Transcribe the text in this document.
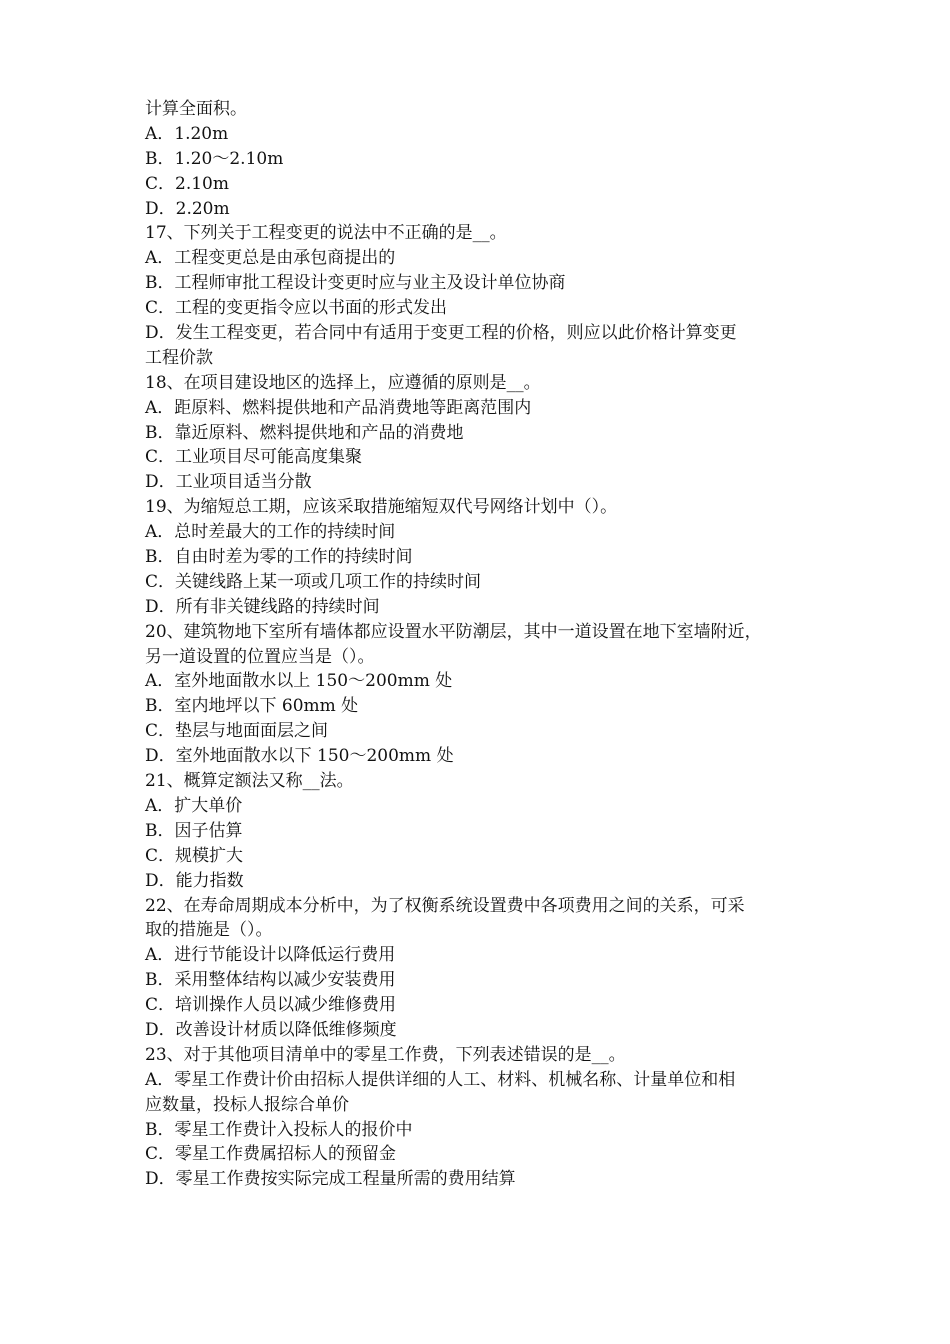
计算全面积。
A．1.20m
B．1.20～2.10m
C．2.10m
D．2.20m
17、下列关于工程变更的说法中不正确的是__。
A．工程变更总是由承包商提出的
B．工程师审批工程设计变更时应与业主及设计单位协商
C．工程的变更指令应以书面的形式发出
D．发生工程变更，若合同中有适用于变更工程的价格，则应以此价格计算变更
工程价款
18、在项目建设地区的选择上，应遵循的原则是__。
A．距原料、燃料提供地和产品消费地等距离范围内
B．靠近原料、燃料提供地和产品的消费地
C．工业项目尽可能高度集聚
D．工业项目适当分散
19、为缩短总工期，应该采取措施缩短双代号网络计划中（）。
A．总时差最大的工作的持续时间
B．自由时差为零的工作的持续时间
C．关键线路上某一项或几项工作的持续时间
D．所有非关键线路的持续时间
20、建筑物地下室所有墙体都应设置水平防潮层，其中一道设置在地下室墙附近，
另一道设置的位置应当是（）。
A．室外地面散水以上 150～200mm 处
B．室内地坪以下 60mm 处
C．垫层与地面面层之间
D．室外地面散水以下 150～200mm 处
21、概算定额法又称__法。
A．扩大单价
B．因子估算
C．规模扩大
D．能力指数
22、在寿命周期成本分析中，为了权衡系统设置费中各项费用之间的关系，可采
取的措施是（）。
A．进行节能设计以降低运行费用
B．采用整体结构以减少安装费用
C．培训操作人员以减少维修费用
D．改善设计材质以降低维修频度
23、对于其他项目清单中的零星工作费，下列表述错误的是__。
A．零星工作费计价由招标人提供详细的人工、材料、机械名称、计量单位和相
应数量，投标人报综合单价
B．零星工作费计入投标人的报价中
C．零星工作费属招标人的预留金
D．零星工作费按实际完成工程量所需的费用结算
